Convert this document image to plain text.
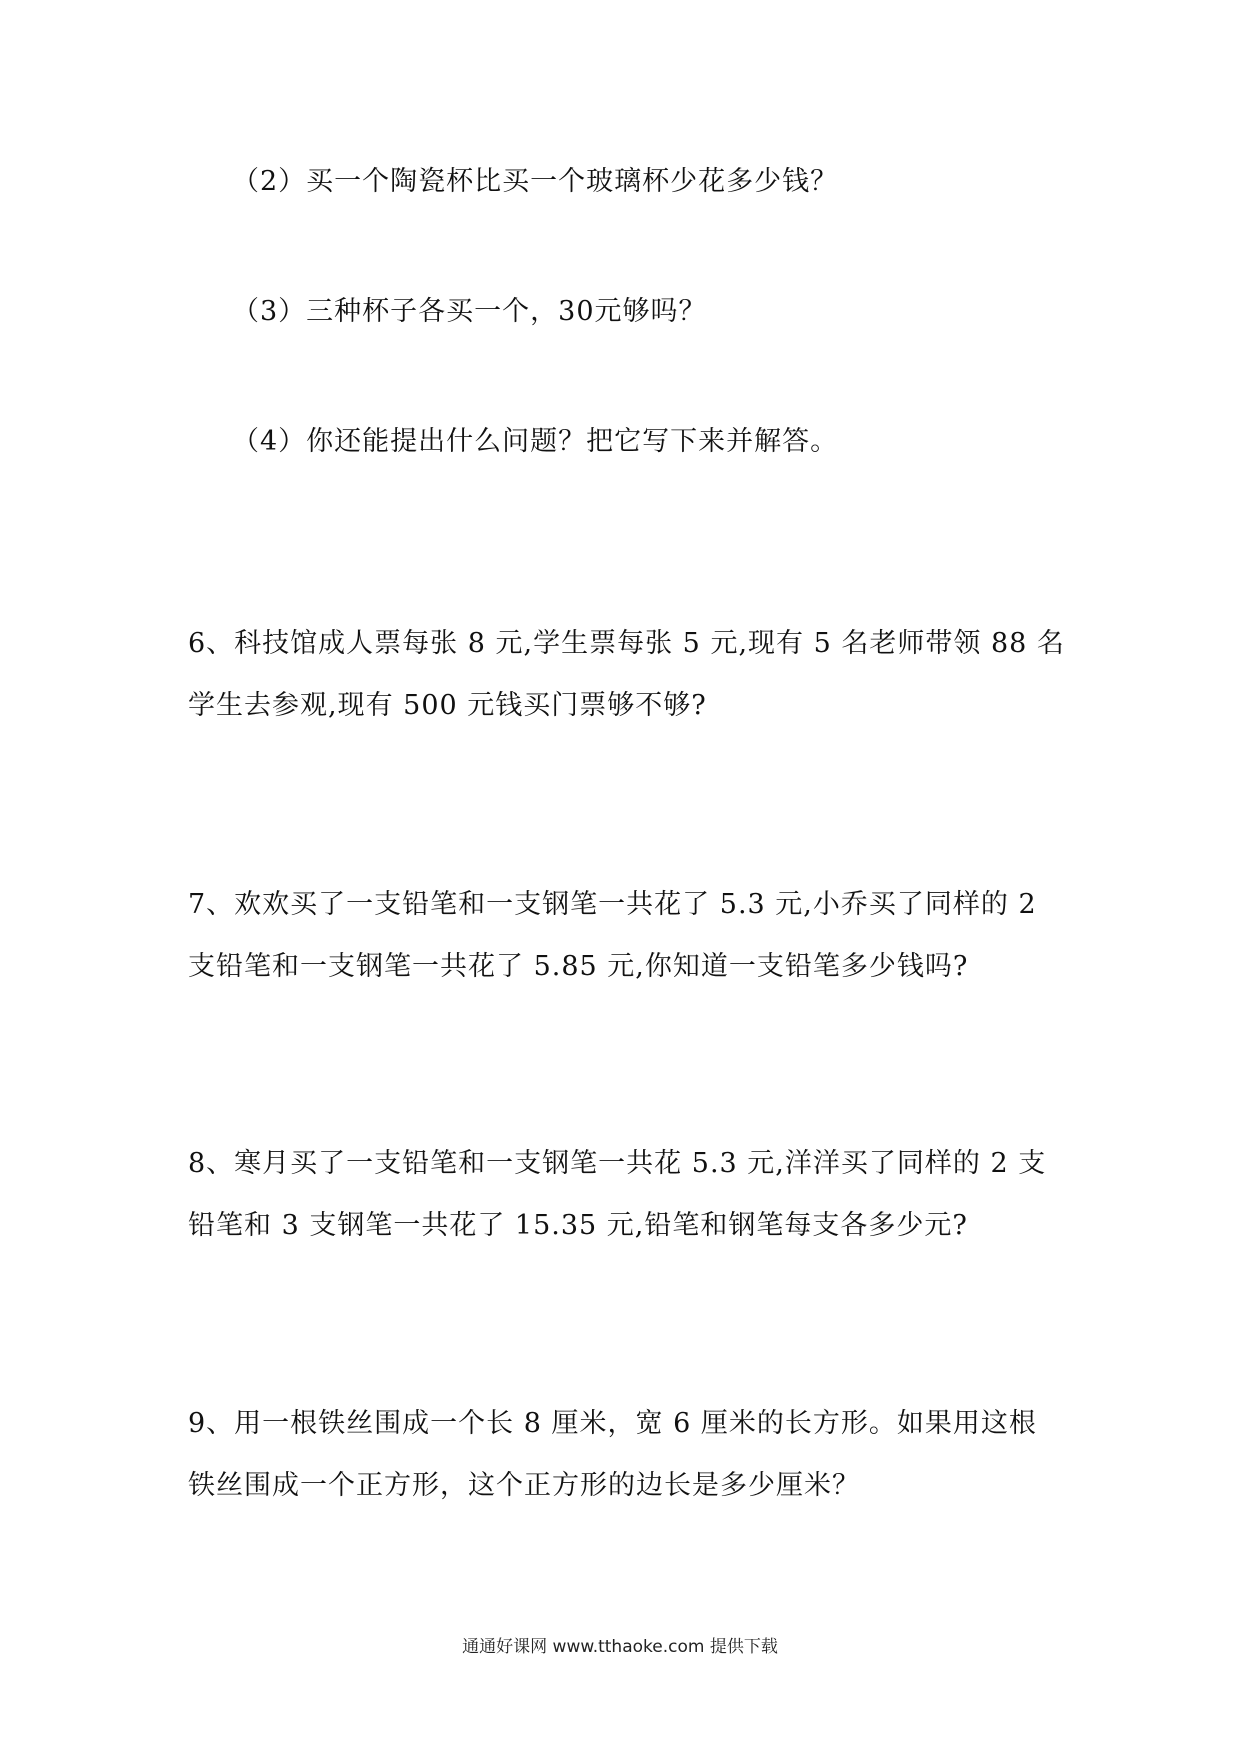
（2）买一个陶瓷杯比买一个玻璃杯少花多少钱？
（3）三种杯子各买一个，30元够吗？
（4）你还能提出什么问题？把它写下来并解答。
6、科技馆成人票每张 8 元,学生票每张 5 元,现有 5 名老师带领 88 名
学生去参观,现有 500 元钱买门票够不够?
7、欢欢买了一支铅笔和一支钢笔一共花了 5.3 元,小乔买了同样的 2
支铅笔和一支钢笔一共花了 5.85 元,你知道一支铅笔多少钱吗?
8、寒月买了一支铅笔和一支钢笔一共花 5.3 元,洋洋买了同样的 2 支
铅笔和 3 支钢笔一共花了 15.35 元,铅笔和钢笔每支各多少元?
9、用一根铁丝围成一个长 8 厘米，宽 6 厘米的长方形。如果用这根
铁丝围成一个正方形，这个正方形的边长是多少厘米？
通通好课网 www.tthaoke.com 提供下载
